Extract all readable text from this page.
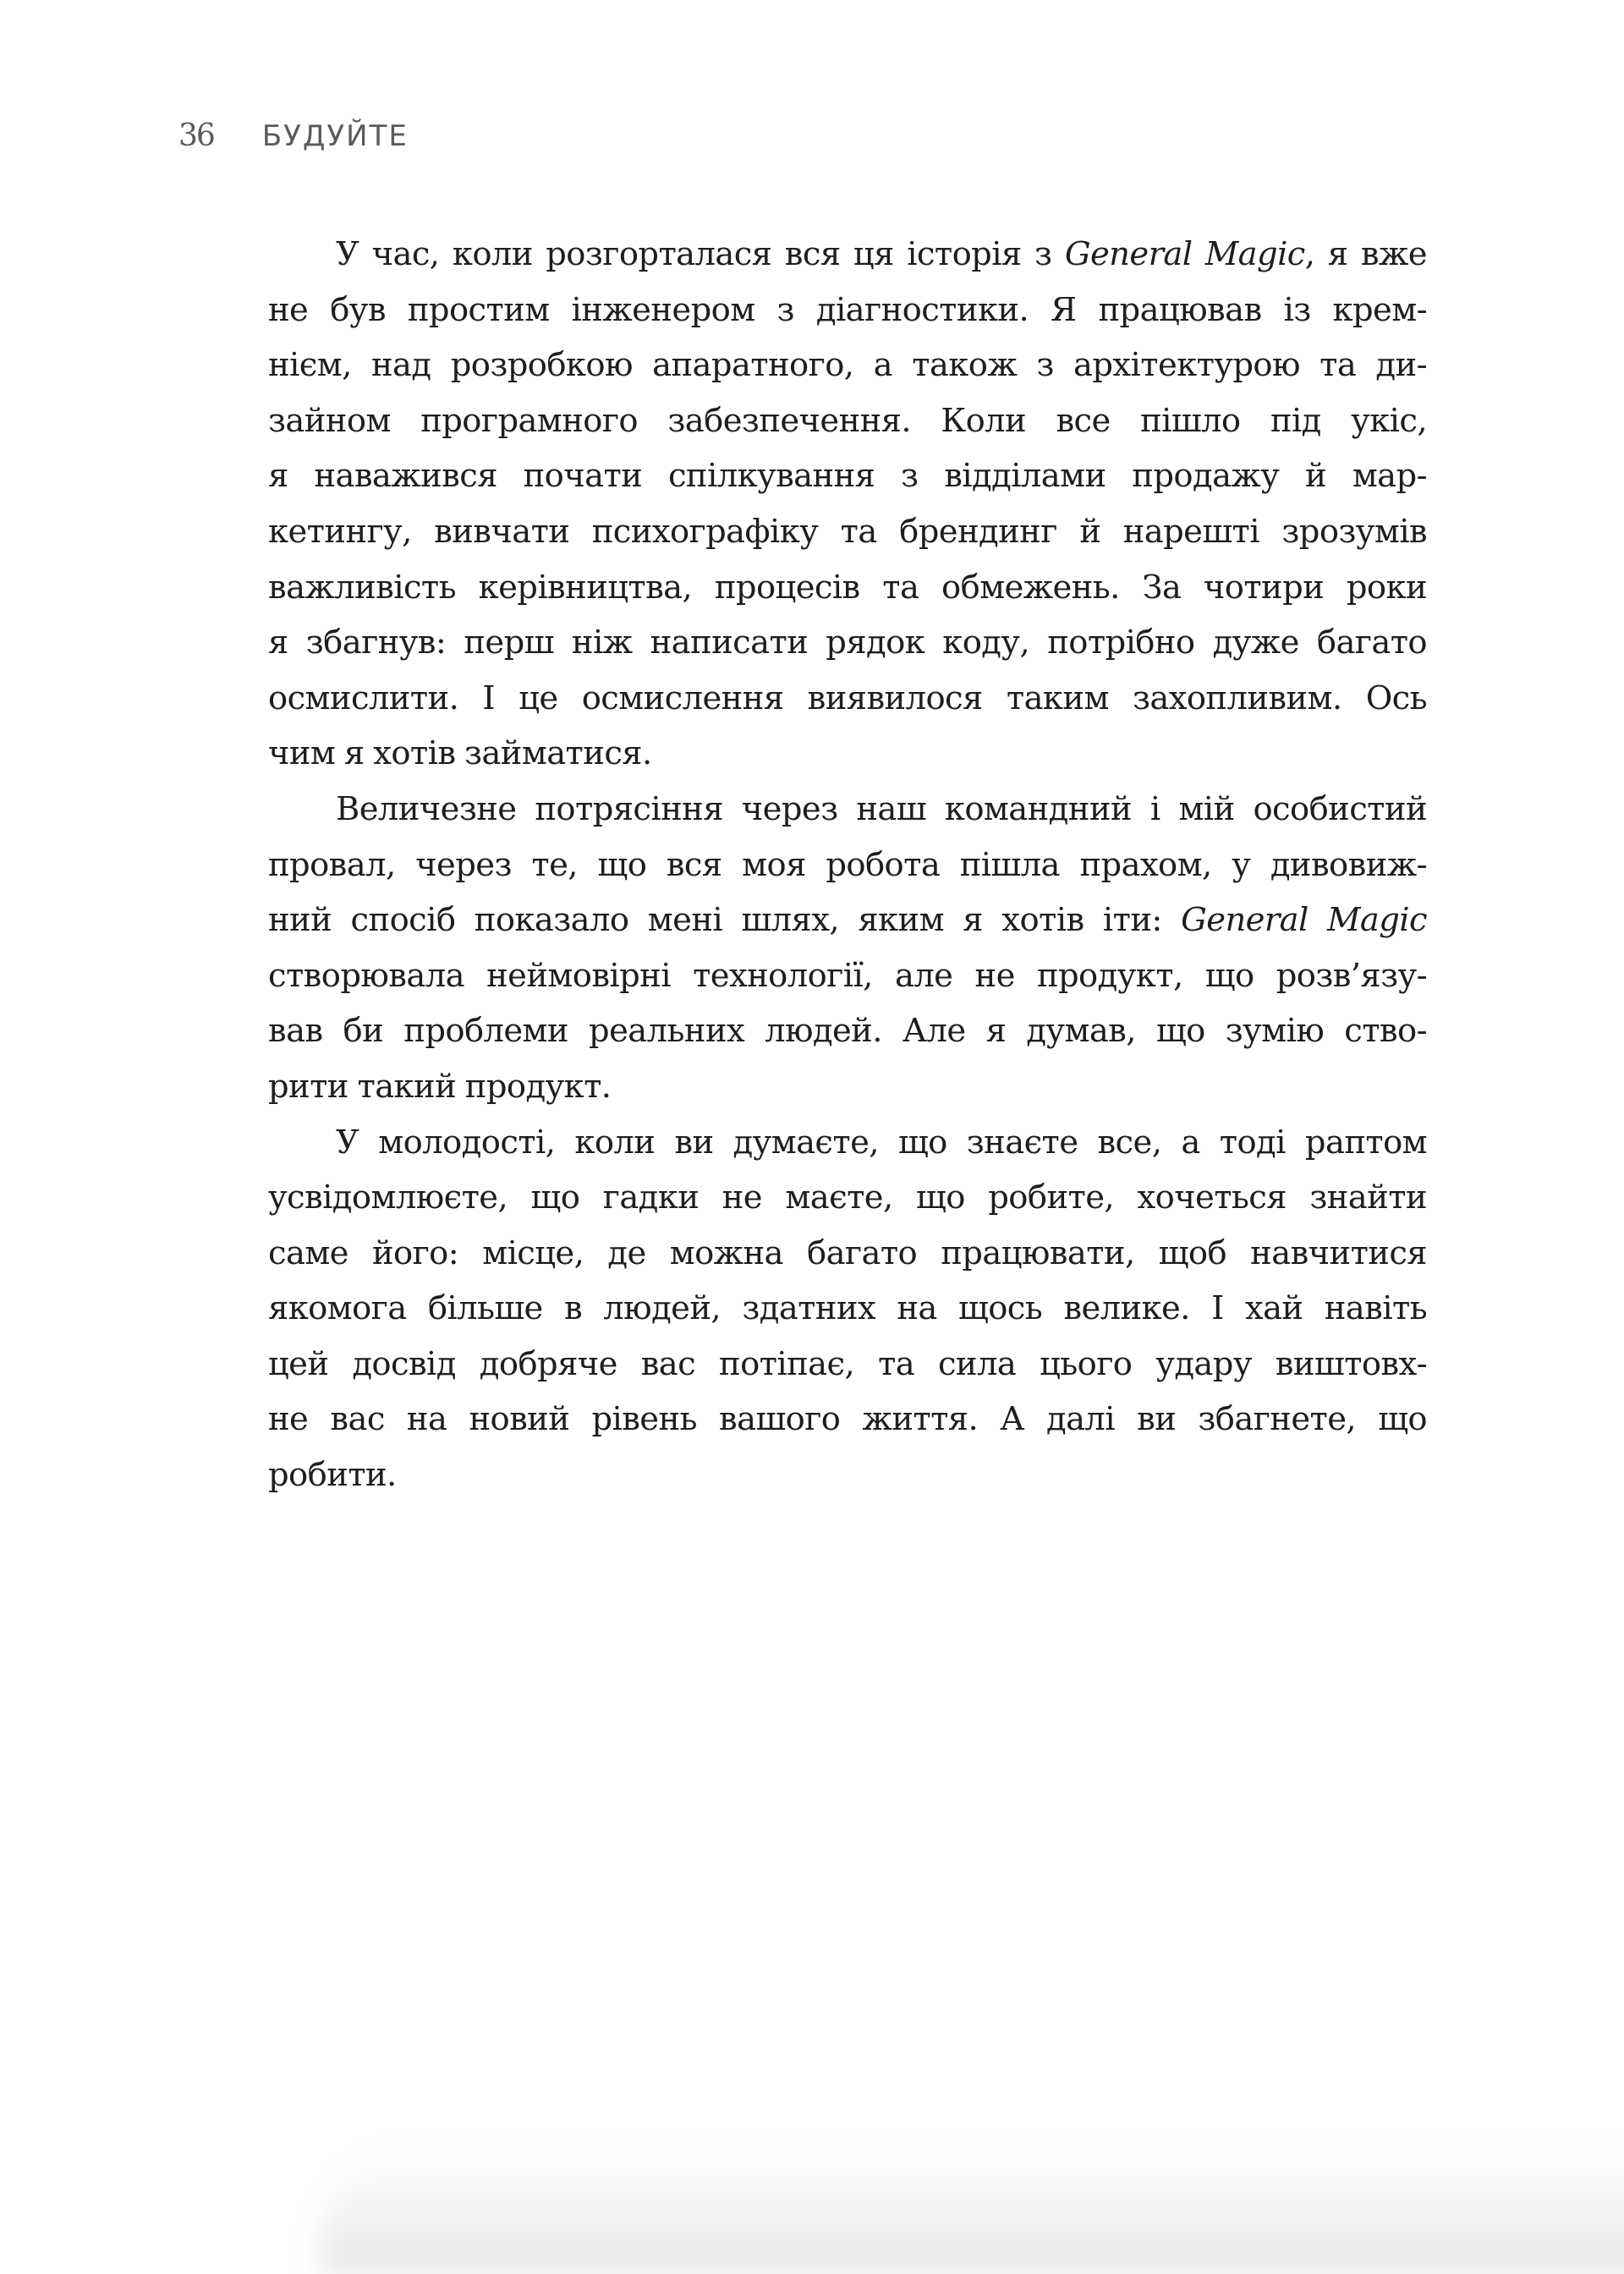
36 БУДУЙТЕ
У час, коли розгорталася вся ця історія з General Magic, я вже
не був простим інженером з діагностики. Я працював із крем-
нієм, над розробкою апаратного, а також з архітектурою та ди-
зайном програмного забезпечення. Коли все пішло під укіс,
я наважився почати спілкування з відділами продажу й мар-
кетингу, вивчати психографіку та брендинг й нарешті зрозумів
важливість керівництва, процесів та обмежень. За чотири роки
я збагнув: перш ніж написати рядок коду, потрібно дуже багато
осмислити. І це осмислення виявилося таким захопливим. Ось
чим я хотів займатися.
Величезне потрясіння через наш командний і мій особистий
провал, через те, що вся моя робота пішла прахом, у дивовиж-
ний спосіб показало мені шлях, яким я хотів іти: General Magic
створювала неймовірні технології, але не продукт, що розв’язу-
вав би проблеми реальних людей. Але я думав, що зумію ство-
рити такий продукт.
У молодості, коли ви думаєте, що знаєте все, а тоді раптом
усвідомлюєте, що гадки не маєте, що робите, хочеться знайти
саме його: місце, де можна багато працювати, щоб навчитися
якомога більше в людей, здатних на щось велике. І хай навіть
цей досвід добряче вас потіпає, та сила цього удару виштовх-
не вас на новий рівень вашого життя. А далі ви збагнете, що
робити.
